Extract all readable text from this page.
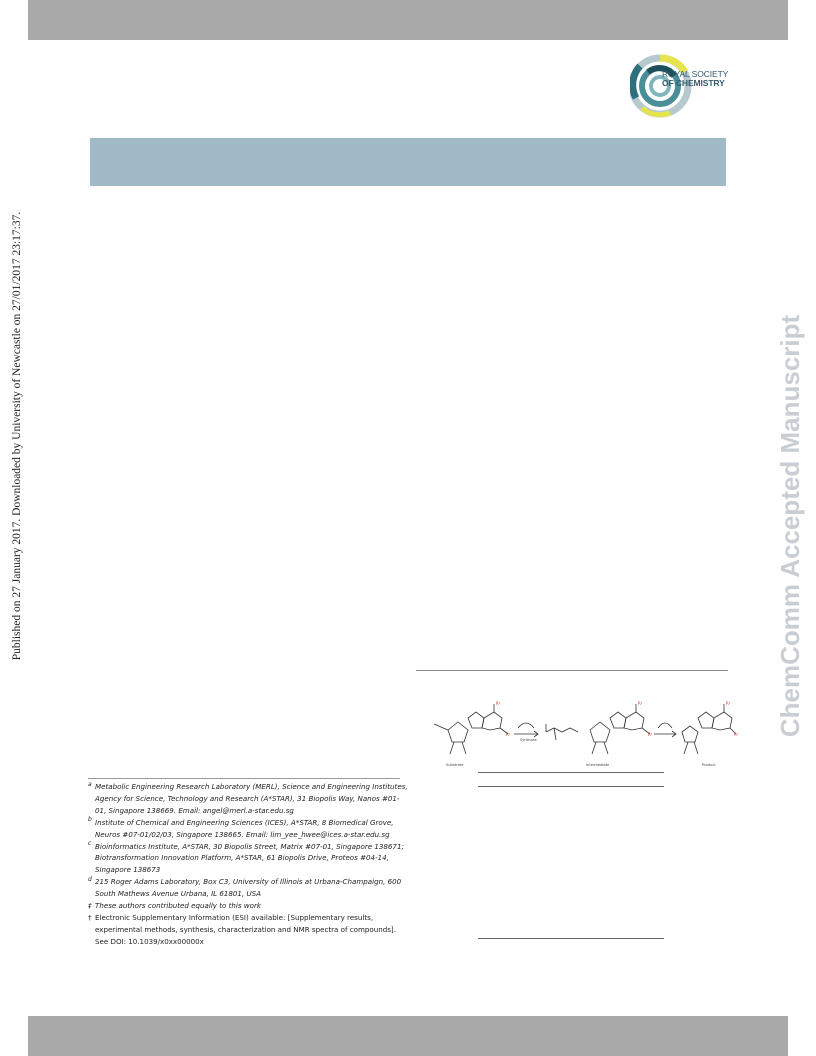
ROYAL SOCIETY
OF CHEMISTRY
Published on 27 January 2017. Downloaded by University of Newcastle on 27/01/2017 23:17:37.	ChemComm Accepted Manuscript
R²
R¹
R²
R¹
R²
R¹
Synthase
Substrate	Intermediate	Product

a Metabolic Engineering Research Laboratory (MERL), Science and Engineering Institutes, Agency for Science, Technology and Research (A*STAR), 31 Biopolis Way, Nanos #01-01, Singapore 138669. Email: angel@merl.a-star.edu.sg

b Institute of Chemical and Engineering Sciences (ICES), A*STAR, 8 Biomedical Grove, Neuros #07-01/02/03, Singapore 138665. Email: lim_yee_hwee@ices.a-star.edu.sg

c Bioinformatics Institute, A*STAR, 30 Biopolis Street, Matrix #07-01, Singapore 138671; Biotransformation Innovation Platform, A*STAR, 61 Biopolis Drive, Proteos #04-14, Singapore 138673

d 215 Roger Adams Laboratory, Box C3, University of Illinois at Urbana-Champaign, 600 South Mathews Avenue Urbana, IL 61801, USA

‡ These authors contributed equally to this work

† Electronic Supplementary Information (ESI) available: [Supplementary results, experimental methods, synthesis, characterization and NMR spectra of compounds]. See DOI: 10.1039/x0xx00000x
